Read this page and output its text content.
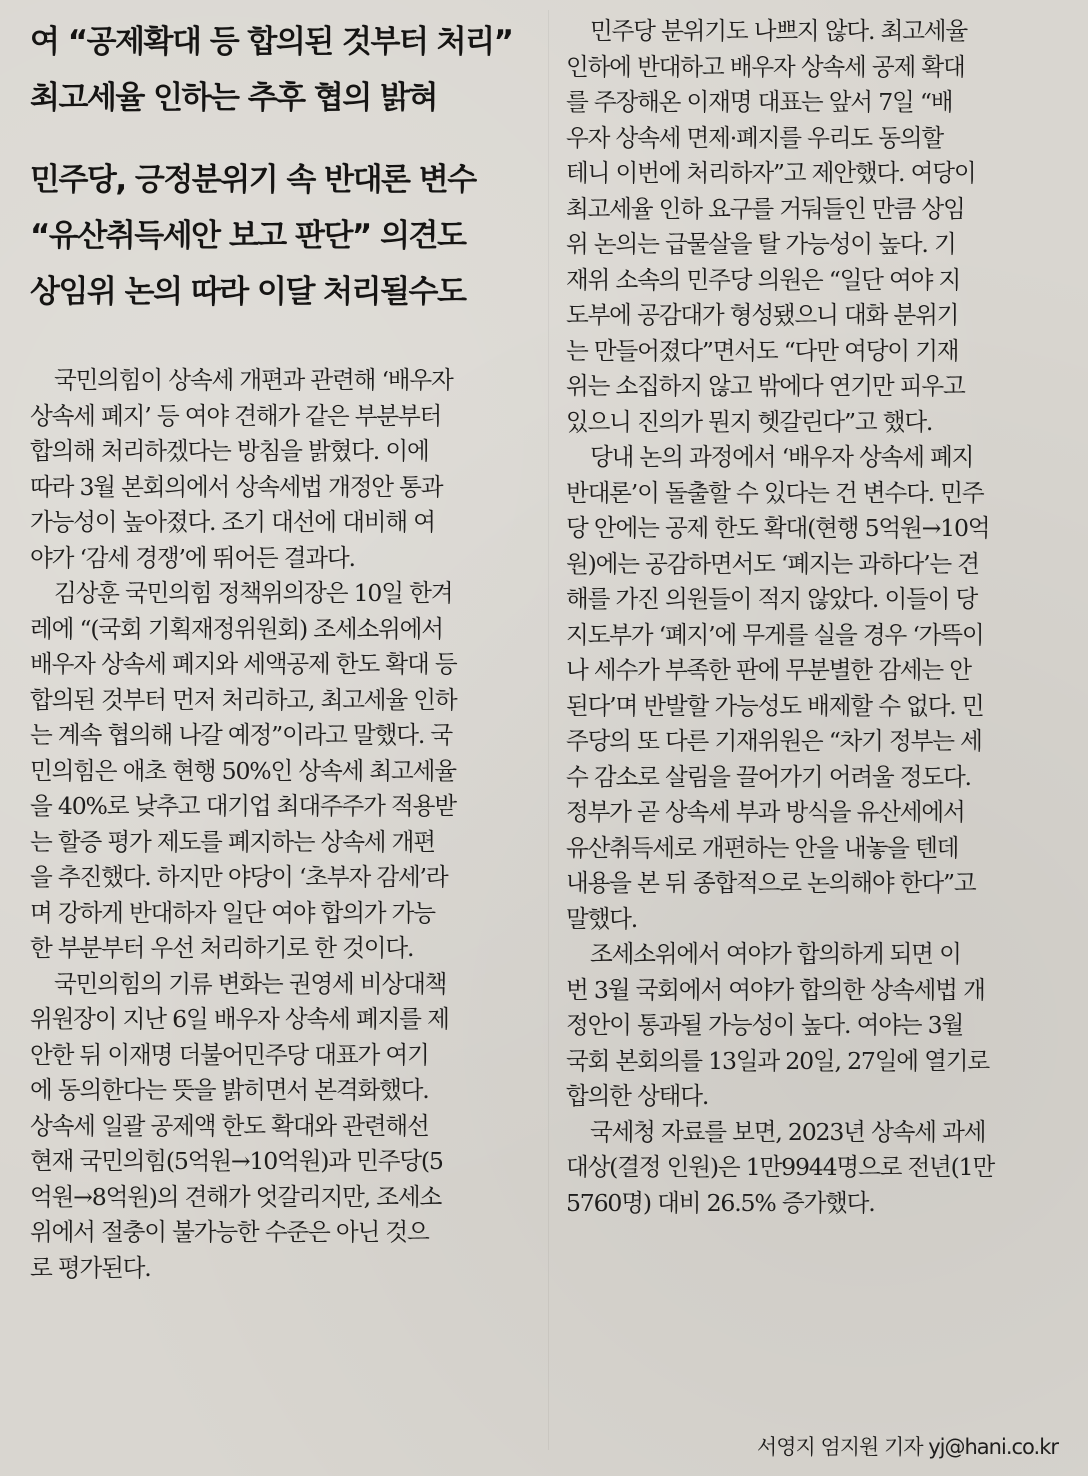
여 “공제확대 등 합의된 것부터 처리”
최고세율 인하는 추후 협의 밝혀
민주당, 긍정분위기 속 반대론 변수
“유산취득세안 보고 판단” 의견도
상임위 논의 따라 이달 처리될수도
국민의힘이 상속세 개편과 관련해 ‘배우자
상속세 폐지’ 등 여야 견해가 같은 부분부터
합의해 처리하겠다는 방침을 밝혔다. 이에
따라 3월 본회의에서 상속세법 개정안 통과
가능성이 높아졌다. 조기 대선에 대비해 여
야가 ‘감세 경쟁’에 뛰어든 결과다.
김상훈 국민의힘 정책위의장은 10일 한겨
레에 “(국회 기획재정위원회) 조세소위에서
배우자 상속세 폐지와 세액공제 한도 확대 등
합의된 것부터 먼저 처리하고, 최고세율 인하
는 계속 협의해 나갈 예정”이라고 말했다. 국
민의힘은 애초 현행 50%인 상속세 최고세율
을 40%로 낮추고 대기업 최대주주가 적용받
는 할증 평가 제도를 폐지하는 상속세 개편
을 추진했다. 하지만 야당이 ‘초부자 감세’라
며 강하게 반대하자 일단 여야 합의가 가능
한 부분부터 우선 처리하기로 한 것이다.
국민의힘의 기류 변화는 권영세 비상대책
위원장이 지난 6일 배우자 상속세 폐지를 제
안한 뒤 이재명 더불어민주당 대표가 여기
에 동의한다는 뜻을 밝히면서 본격화했다.
상속세 일괄 공제액 한도 확대와 관련해선
현재 국민의힘(5억원→10억원)과 민주당(5
억원→8억원)의 견해가 엇갈리지만, 조세소
위에서 절충이 불가능한 수준은 아닌 것으
로 평가된다.
민주당 분위기도 나쁘지 않다. 최고세율
인하에 반대하고 배우자 상속세 공제 확대
를 주장해온 이재명 대표는 앞서 7일 “배
우자 상속세 면제·폐지를 우리도 동의할
테니 이번에 처리하자”고 제안했다. 여당이
최고세율 인하 요구를 거둬들인 만큼 상임
위 논의는 급물살을 탈 가능성이 높다. 기
재위 소속의 민주당 의원은 “일단 여야 지
도부에 공감대가 형성됐으니 대화 분위기
는 만들어졌다”면서도 “다만 여당이 기재
위는 소집하지 않고 밖에다 연기만 피우고
있으니 진의가 뭔지 헷갈린다”고 했다.
당내 논의 과정에서 ‘배우자 상속세 폐지
반대론’이 돌출할 수 있다는 건 변수다. 민주
당 안에는 공제 한도 확대(현행 5억원→10억
원)에는 공감하면서도 ‘폐지는 과하다’는 견
해를 가진 의원들이 적지 않았다. 이들이 당
지도부가 ‘폐지’에 무게를 실을 경우 ‘가뜩이
나 세수가 부족한 판에 무분별한 감세는 안
된다’며 반발할 가능성도 배제할 수 없다. 민
주당의 또 다른 기재위원은 “차기 정부는 세
수 감소로 살림을 끌어가기 어려울 정도다.
정부가 곧 상속세 부과 방식을 유산세에서
유산취득세로 개편하는 안을 내놓을 텐데
내용을 본 뒤 종합적으로 논의해야 한다”고
말했다.
조세소위에서 여야가 합의하게 되면 이
번 3월 국회에서 여야가 합의한 상속세법 개
정안이 통과될 가능성이 높다. 여야는 3월
국회 본회의를 13일과 20일, 27일에 열기로
합의한 상태다.
국세청 자료를 보면, 2023년 상속세 과세
대상(결정 인원)은 1만9944명으로 전년(1만
5760명) 대비 26.5% 증가했다.
서영지 엄지원 기자 yj@hani.co.kr
